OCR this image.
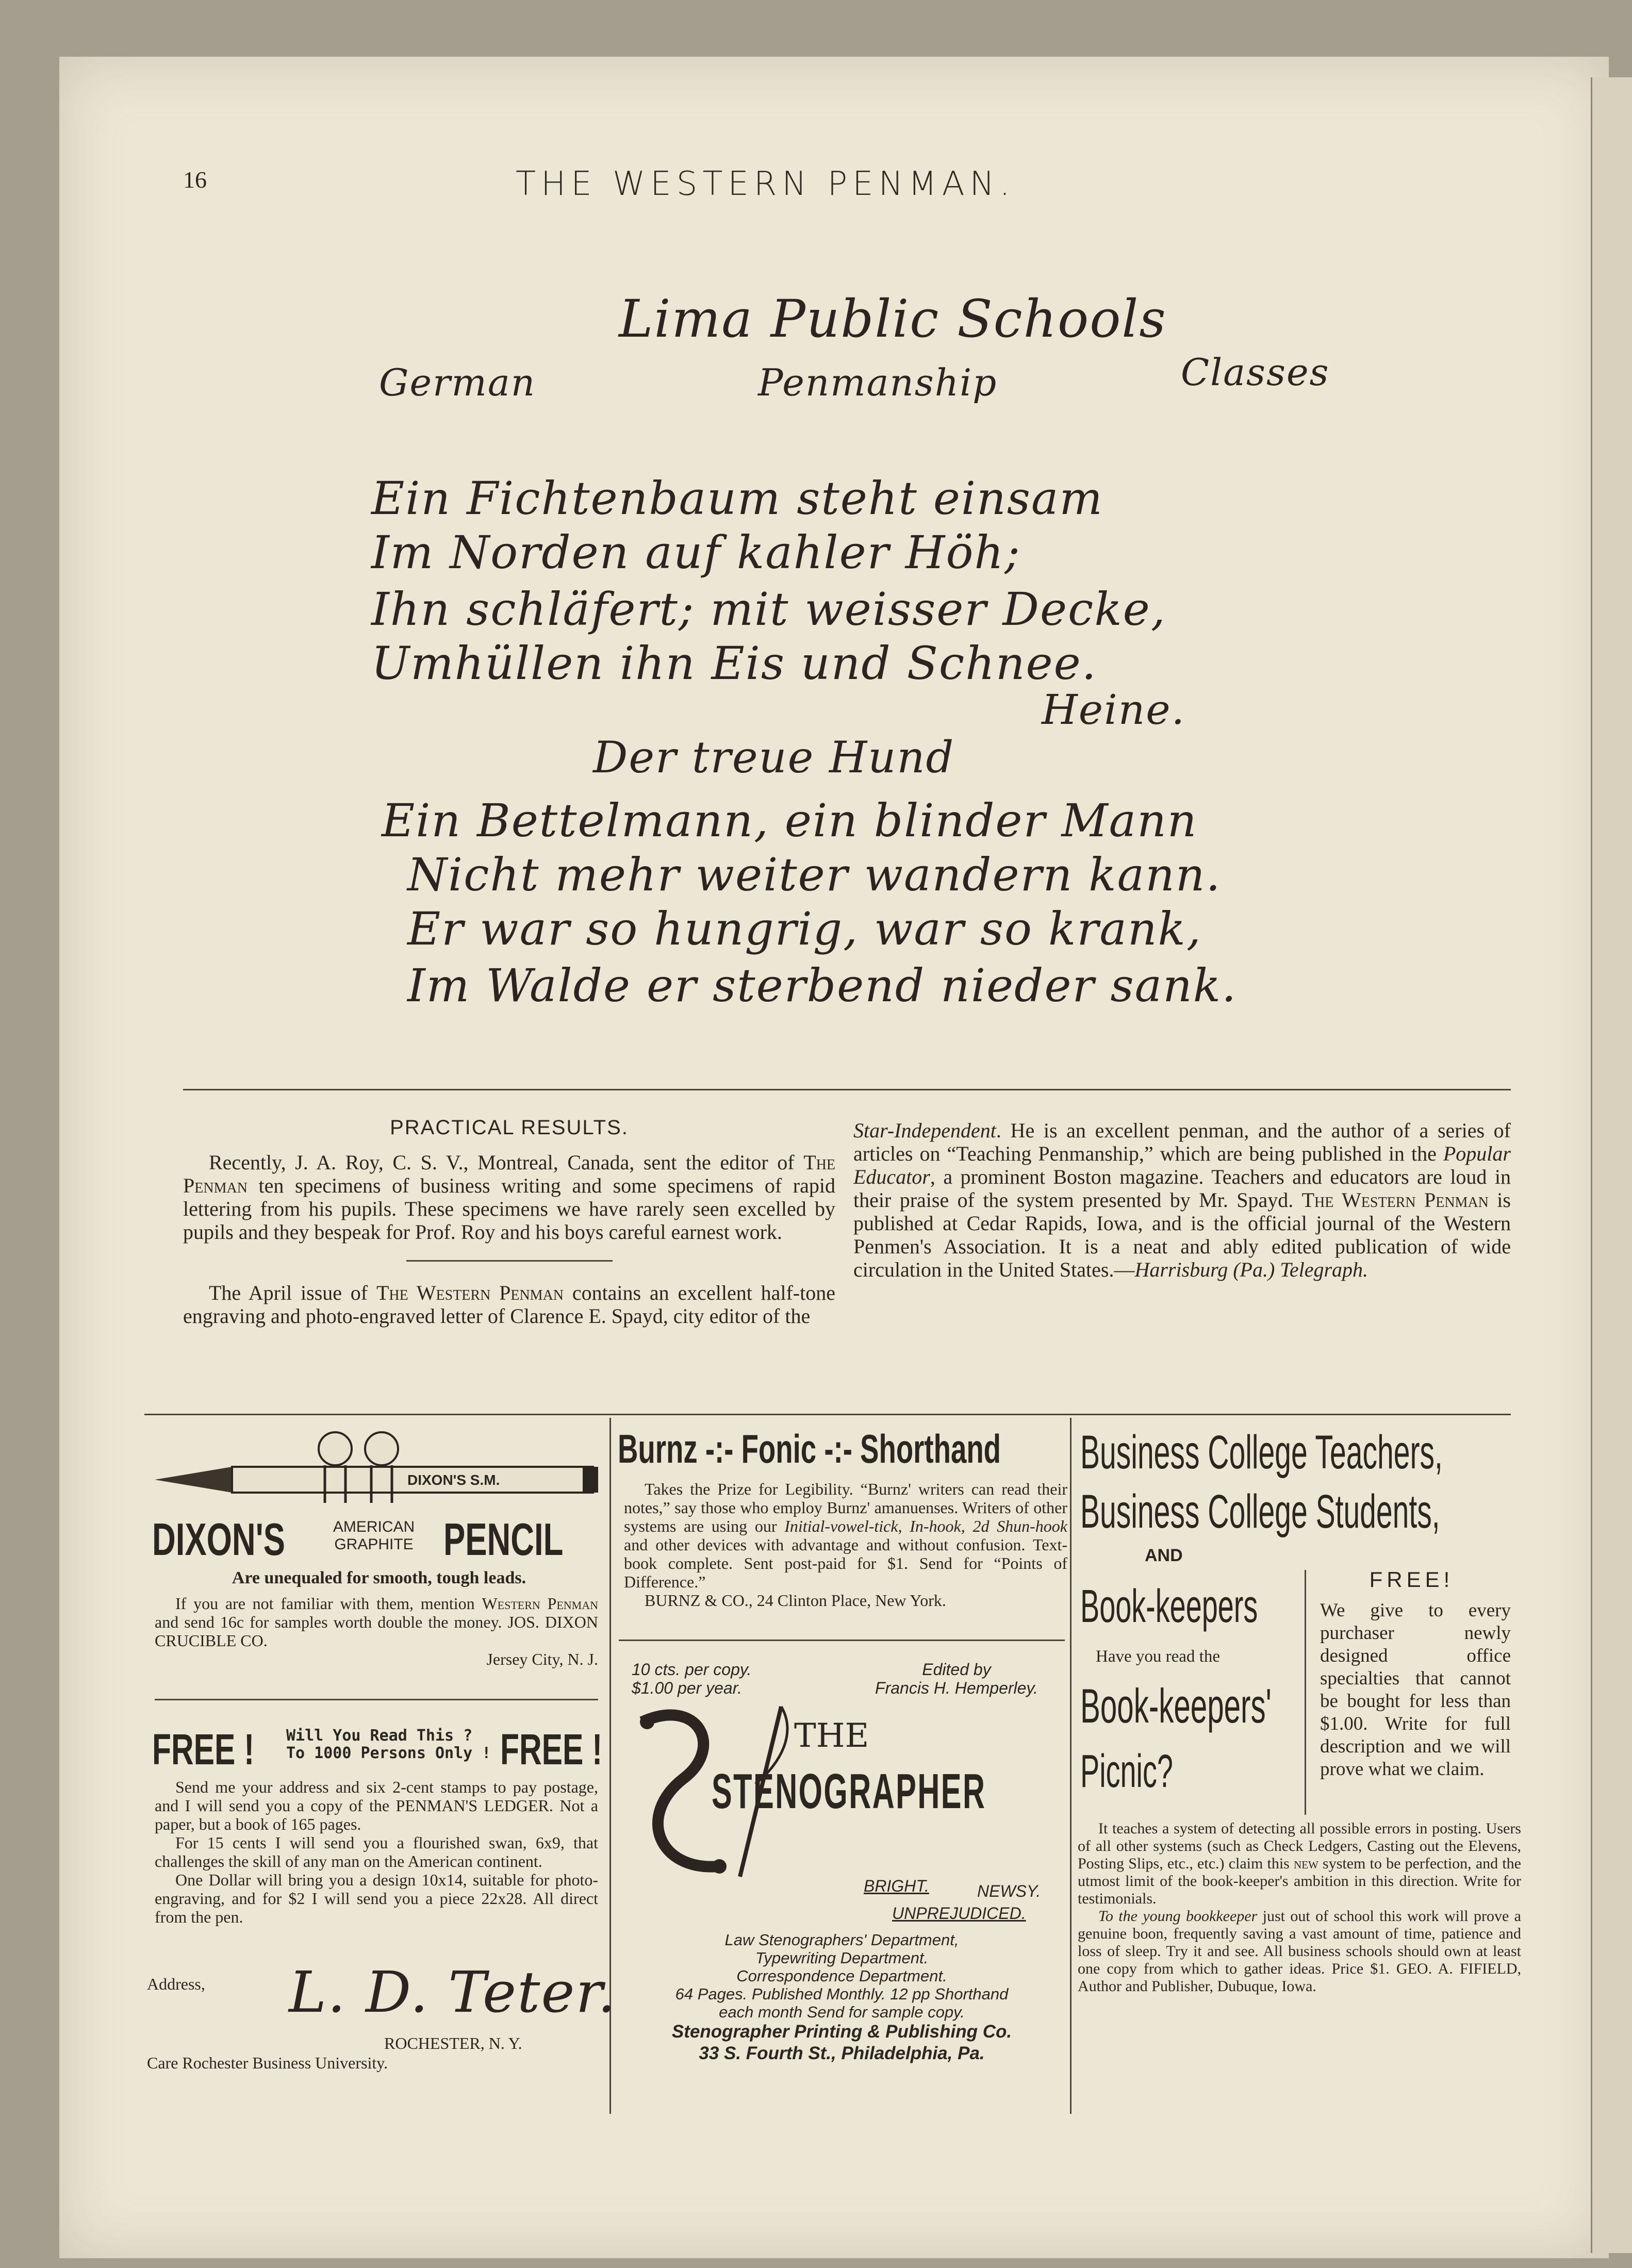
16	THE WESTERN PENMAN.
Lima Public Schools
German	Penmanship	Classes
Ein Fichtenbaum steht einsam
Im Norden auf kahler Höh;
Ihn schläfert; mit weisser Decke,
Umhüllen ihn Eis und Schnee.
Heine.
Der treue Hund
Ein Bettelmann, ein blinder Mann
Nicht mehr weiter wandern kann.
Er war so hungrig, war so krank,
Im Walde er sterbend nieder sank.
PRACTICAL RESULTS.

Recently, J. A. Roy, C. S. V., Montreal, Canada, sent the editor of The Penman ten specimens of business writing and some specimens of rapid lettering from his pupils. These specimens we have rarely seen excelled by pupils and they bespeak for Prof. Roy and his boys careful earnest work.

The April issue of The Western Penman contains an excellent half-tone engraving and photo-engraved letter of Clarence E. Spayd, city editor of the

Star-Independent. He is an excellent penman, and the author of a series of articles on “Teaching Penmanship,” which are being published in the Popular Educator, a prominent Boston magazine. Teachers and educators are loud in their praise of the system presented by Mr. Spayd. The Western Penman is published at Cedar Rapids, Iowa, and is the official journal of the Western Penmen's Association. It is a neat and ably edited publication of wide circulation in the United States.—Harrisburg (Pa.) Telegraph.
DIXON'S S.M.
DIXON'S	AMERICAN
GRAPHITE PENCIL
Are unequaled for smooth, tough leads.

If you are not familiar with them, mention Western Penman and send 16c for samples worth double the money. JOS. DIXON CRUCIBLE CO.

Jersey City, N. J.
FREE ! Will You Read This ?
To 1000 Persons Only ! FREE !

Send me your address and six 2-cent stamps to pay postage, and I will send you a copy of the PENMAN'S LEDGER. Not a paper, but a book of 165 pages.

For 15 cents I will send you a flourished swan, 6x9, that challenges the skill of any man on the American continent.

One Dollar will bring you a design 10x14, suitable for photo-engraving, and for $2 I will send you a piece 22x28. All direct from the pen.

Address, L. D. Teter.
ROCHESTER, N. Y.
Care Rochester Business University.
Burnz -:- Fonic -:- Shorthand

Takes the Prize for Legibility. “Burnz' writers can read their notes,” say those who employ Burnz' amanuenses. Writers of other systems are using our Initial-vowel-tick, In-hook, 2d Shun-hook and other devices with advantage and without confusion. Text-book complete. Sent post-paid for $1. Send for “Points of Difference.”

BURNZ & CO., 24 Clinton Place, New York.

10 cts. per copy.
$1.00 per year.
Edited by
Francis H. Hemperley.
THE
STENOGRAPHER
BRIGHT.	NEWSY.
UNPREJUDICED.
Law Stenographers' Department,
Typewriting Department.
Correspondence Department.
64 Pages. Published Monthly. 12 pp Shorthand
each month Send for sample copy.
Stenographer Printing & Publishing Co.
33 S. Fourth St., Philadelphia, Pa.
Business College Teachers,
Business College Students,
AND
Book-keepers
Have you read the
Book-keepers'
Picnic?
FREE!
We give to every purchaser newly designed office specialties that cannot be bought for less than $1.00. Write for full description and we will prove what we claim.

It teaches a system of detecting all possible errors in posting. Users of all other systems (such as Check Ledgers, Casting out the Elevens, Posting Slips, etc., etc.) claim this new system to be perfection, and the utmost limit of the book-keeper's ambition in this direction. Write for testimonials.

To the young bookkeeper just out of school this work will prove a genuine boon, frequently saving a vast amount of time, patience and loss of sleep. Try it and see. All business schools should own at least one copy from which to gather ideas. Price $1. GEO. A. FIFIELD, Author and Publisher, Dubuque, Iowa.
